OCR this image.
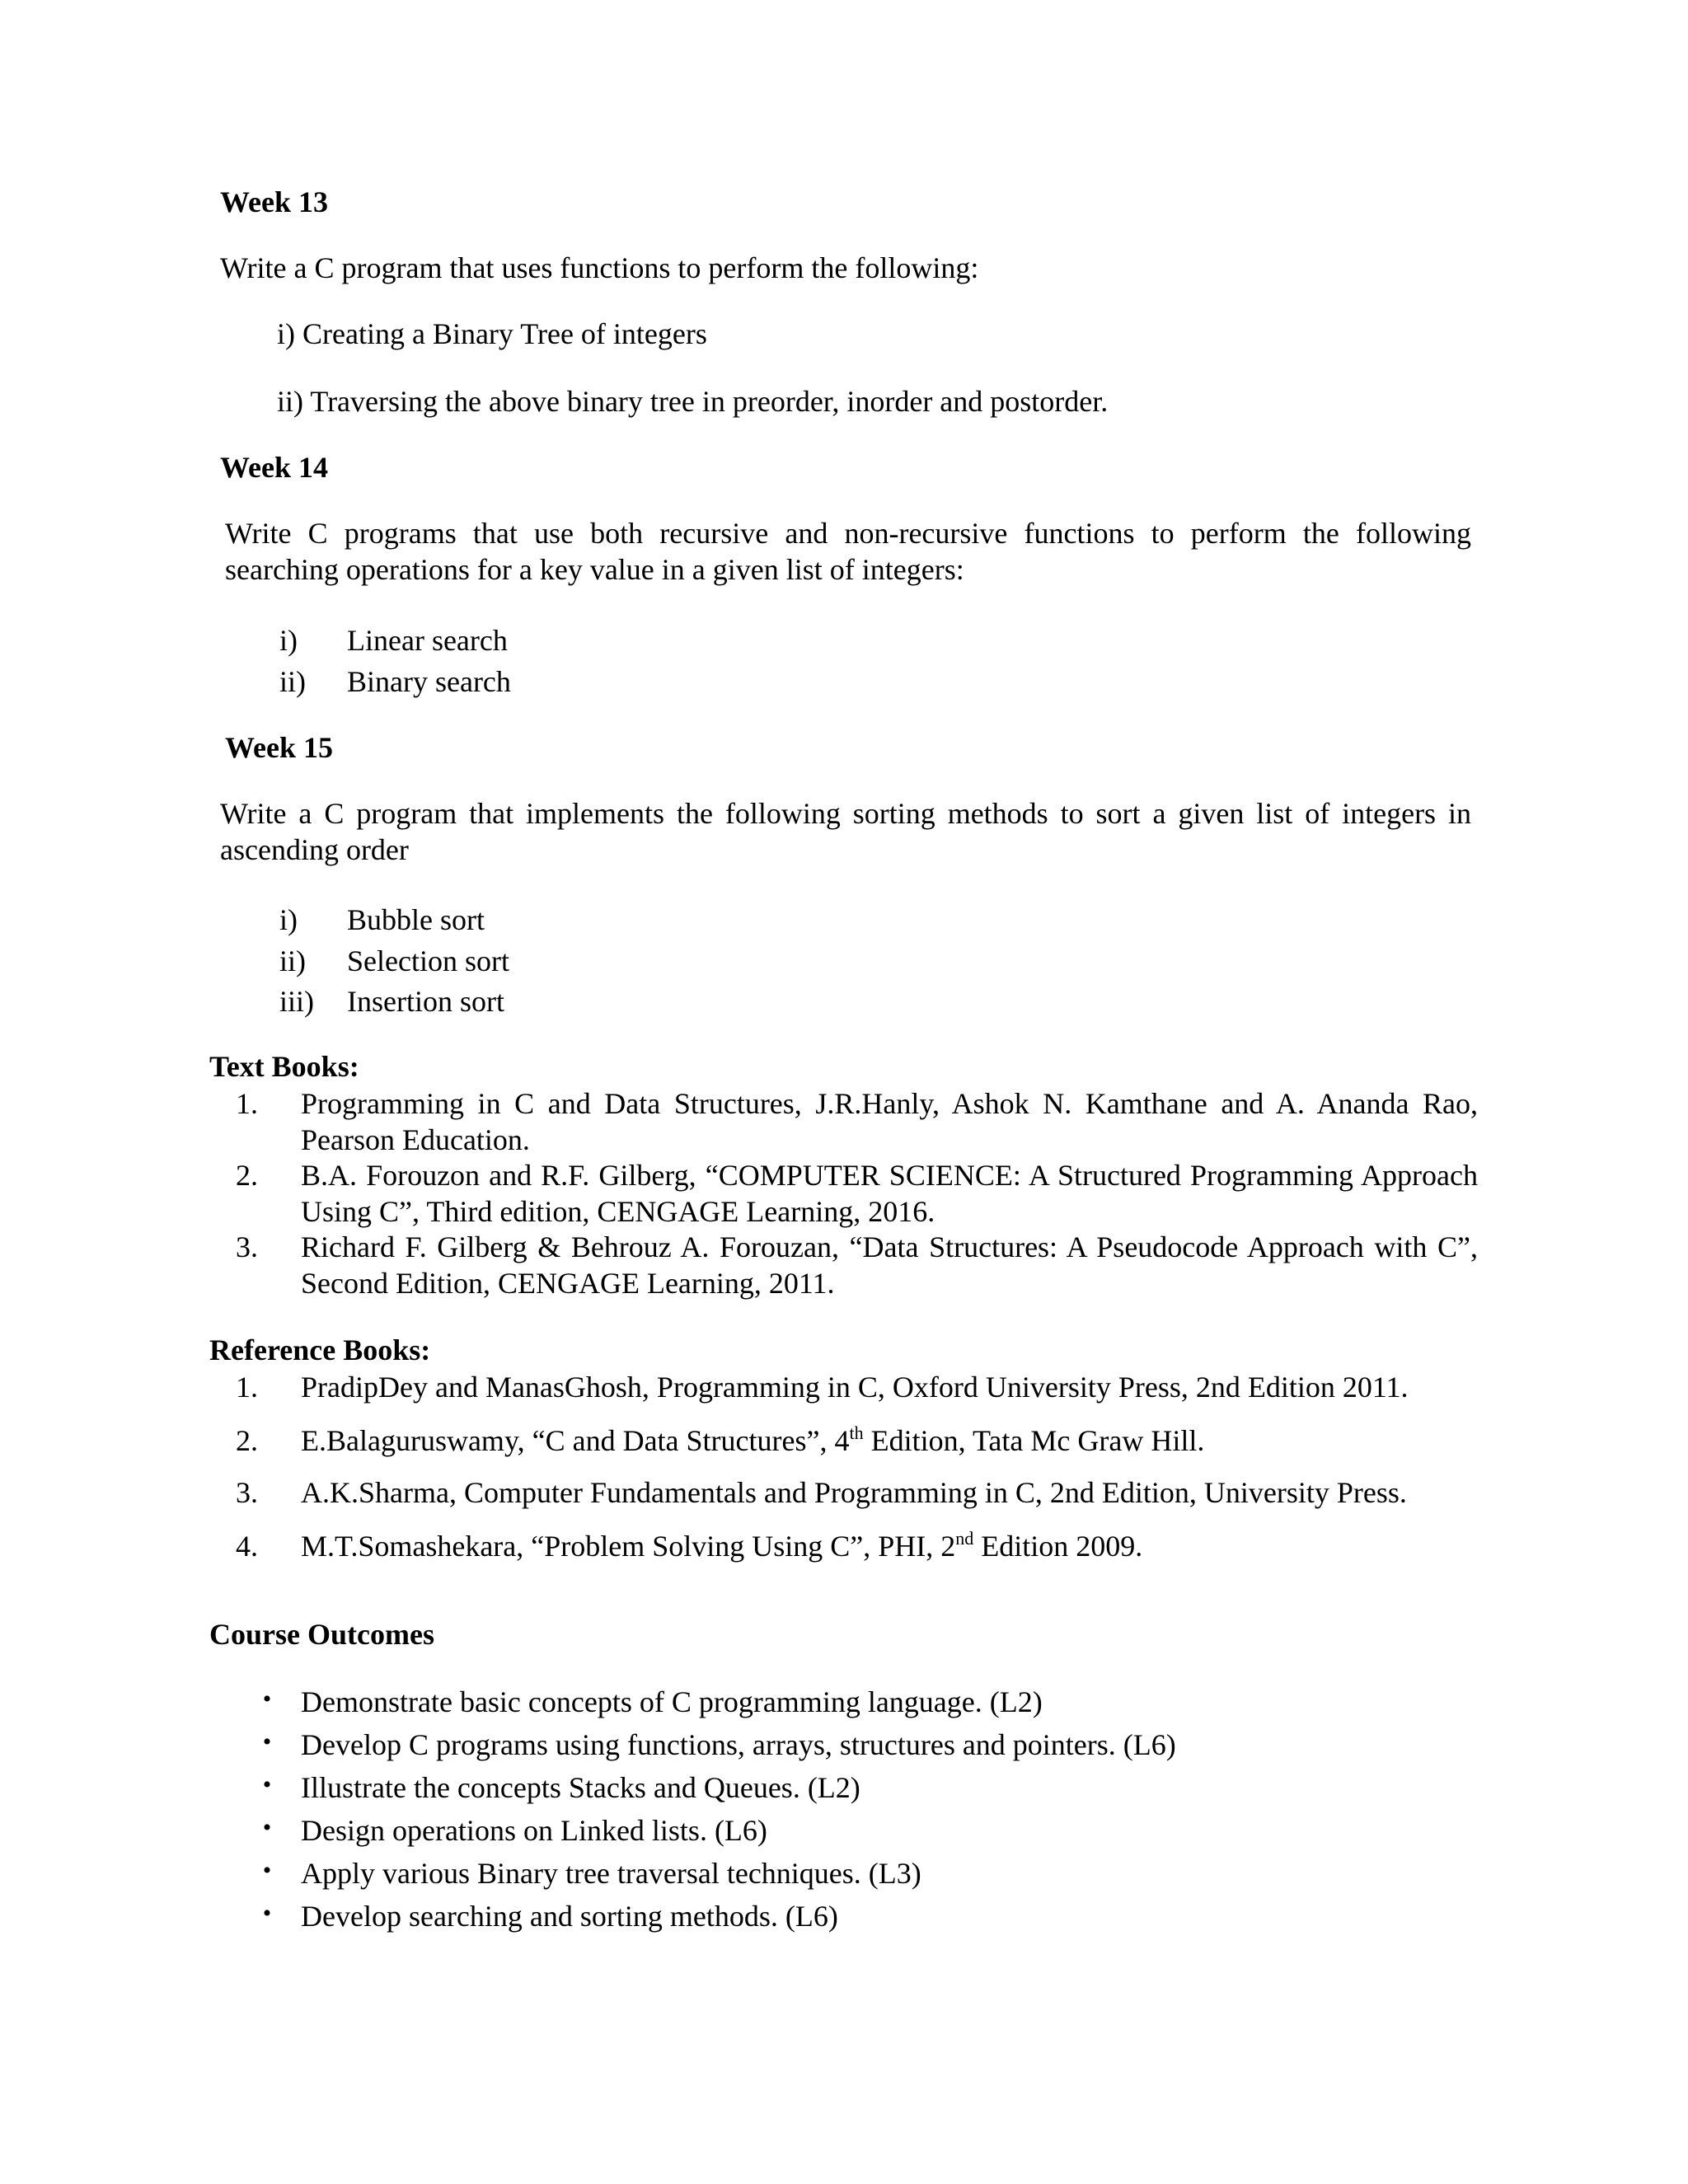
Week 13
Write a C program that uses functions to perform the following:
i) Creating a Binary Tree of integers
ii) Traversing the above binary tree in preorder, inorder and postorder.
Week 14
Write C programs that use both recursive and non-recursive functions to perform the following searching operations for a key value in a given list of integers:
i)	Linear search
ii)	Binary search
Week 15
Write a C program that implements the following sorting methods to sort a given list of integers in ascending order
i)	Bubble sort
ii)	Selection sort
iii)	Insertion sort
Text Books:
1. Programming in C and Data Structures, J.R.Hanly, Ashok N. Kamthane and A. Ananda Rao, Pearson Education.
2. B.A. Forouzon and R.F. Gilberg, “COMPUTER SCIENCE: A Structured Programming Approach Using C”, Third edition, CENGAGE Learning, 2016.
3. Richard F. Gilberg & Behrouz A. Forouzan, “Data Structures: A Pseudocode Approach with C”, Second Edition, CENGAGE Learning, 2011.
Reference Books:
1. PradipDey and ManasGhosh, Programming in C, Oxford University Press, 2nd Edition 2011.
2. E.Balaguruswamy, “C and Data Structures”, 4th Edition, Tata Mc Graw Hill.
3. A.K.Sharma, Computer Fundamentals and Programming in C, 2nd Edition, University Press.
4. M.T.Somashekara, “Problem Solving Using C”, PHI, 2nd Edition 2009.
Course Outcomes
• Demonstrate basic concepts of C programming language. (L2)
• Develop C programs using functions, arrays, structures and pointers. (L6)
• Illustrate the concepts Stacks and Queues. (L2)
• Design operations on Linked lists. (L6)
• Apply various Binary tree traversal techniques. (L3)
• Develop searching and sorting methods. (L6)
